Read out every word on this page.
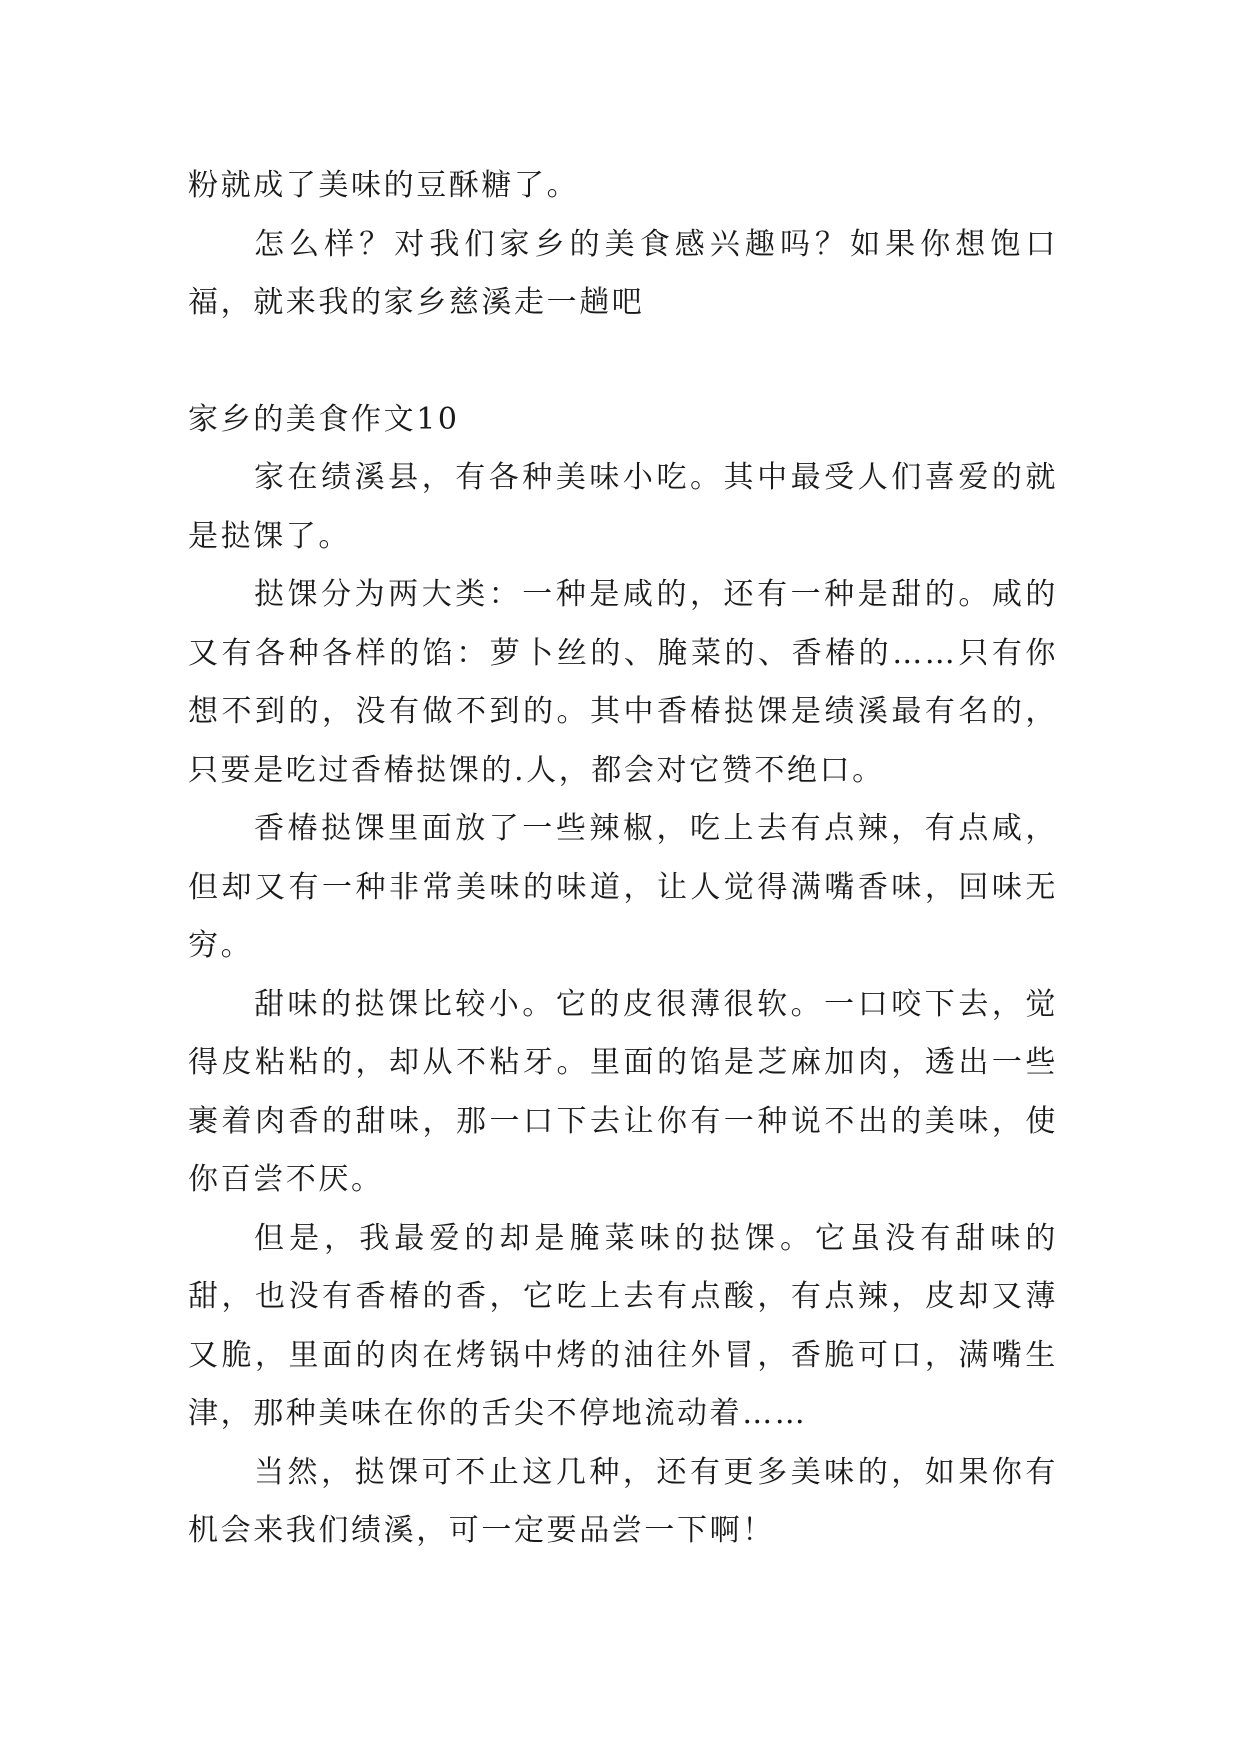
粉就成了美味的豆酥糖了。

怎么样？对我们家乡的美食感兴趣吗？如果你想饱口福，就来我的家乡慈溪走一趟吧

家乡的美食作文10

家在绩溪县，有各种美味小吃。其中最受人们喜爱的就是挞馃了。

挞馃分为两大类：一种是咸的，还有一种是甜的。咸的又有各种各样的馅：萝卜丝的、腌菜的、香椿的……只有你想不到的，没有做不到的。其中香椿挞馃是绩溪最有名的，只要是吃过香椿挞馃的.人，都会对它赞不绝口。

香椿挞馃里面放了一些辣椒，吃上去有点辣，有点咸，但却又有一种非常美味的味道，让人觉得满嘴香味，回味无穷。

甜味的挞馃比较小。它的皮很薄很软。一口咬下去，觉得皮粘粘的，却从不粘牙。里面的馅是芝麻加肉，透出一些裹着肉香的甜味，那一口下去让你有一种说不出的美味，使你百尝不厌。

但是，我最爱的却是腌菜味的挞馃。它虽没有甜味的甜，也没有香椿的香，它吃上去有点酸，有点辣，皮却又薄又脆，里面的肉在烤锅中烤的油往外冒，香脆可口，满嘴生津，那种美味在你的舌尖不停地流动着……

当然，挞馃可不止这几种，还有更多美味的，如果你有机会来我们绩溪，可一定要品尝一下啊！
